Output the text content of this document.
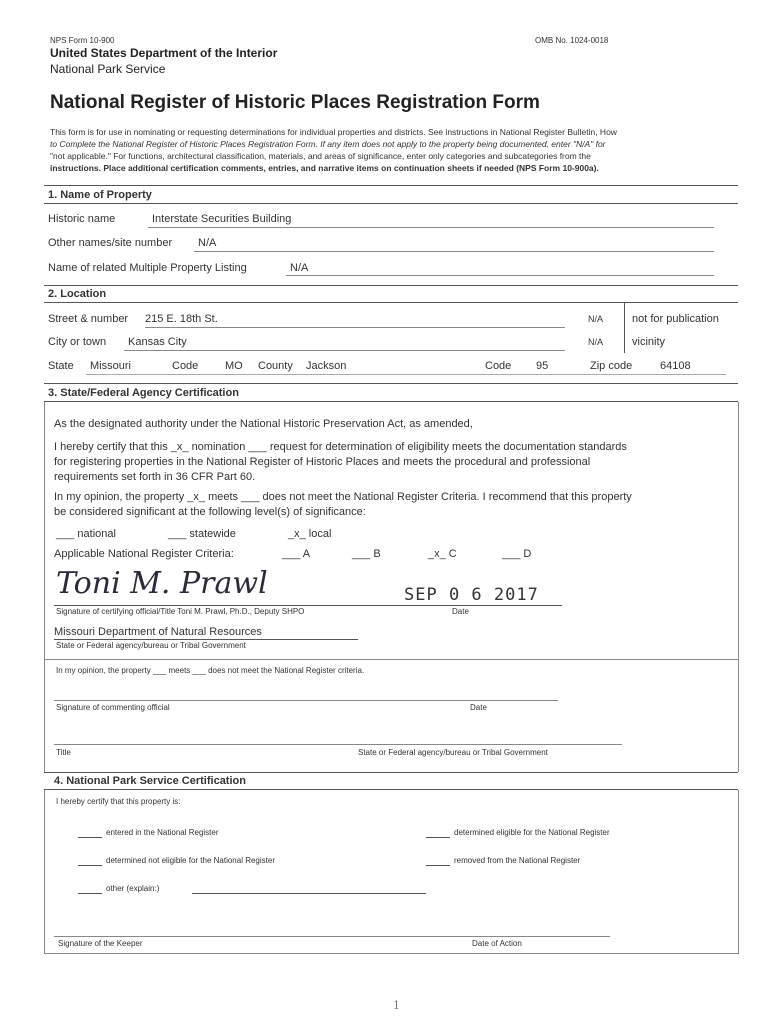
NPS Form 10-900	OMB No. 1024-0018
United States Department of the Interior
National Park Service
National Register of Historic Places Registration Form
This form is for use in nominating or requesting determinations for individual properties and districts. See instructions in National Register Bulletin, How
to Complete the National Register of Historic Places Registration Form. If any item does not apply to the property being documented, enter "N/A" for
"not applicable." For functions, architectural classification, materials, and areas of significance, enter only categories and subcategories from the
instructions. Place additional certification comments, entries, and narrative items on continuation sheets if needed (NPS Form 10-900a).
1. Name of Property
Historic name	Interstate Securities Building
Other names/site number N/A
Name of related Multiple Property Listing	N/A
2. Location
Street & number 215 E. 18th St.	N/A	not for publication
City or town Kansas City	N/A	vicinity
State Missouri	Code MO County Jackson	Code 95	Zip code	64108
3. State/Federal Agency Certification
As the designated authority under the National Historic Preservation Act, as amended,
I hereby certify that this _x_ nomination ___ request for determination of eligibility meets the documentation standards
for registering properties in the National Register of Historic Places and meets the procedural and professional
requirements set forth in 36 CFR Part 60.
In my opinion, the property _x_ meets ___ does not meet the National Register Criteria. I recommend that this property
be considered significant at the following level(s) of significance:
___ national	___ statewide	_x_ local
Applicable National Register Criteria:	___ A	___ B	_x_ C	___ D
Toni M. Prawl	SEP 0 6 2017
Signature of certifying official/Title Toni M. Prawl, Ph.D., Deputy SHPO	Date
Missouri Department of Natural Resources
State or Federal agency/bureau or Tribal Government
In my opinion, the property ___ meets ___ does not meet the National Register criteria.
Signature of commenting official	Date
Title	State or Federal agency/bureau or Tribal Government
4. National Park Service Certification
I hereby certify that this property is:
entered in the National Register	determined eligible for the National Register
determined not eligible for the National Register	removed from the National Register
other (explain:)
Signature of the Keeper	Date of Action
1
